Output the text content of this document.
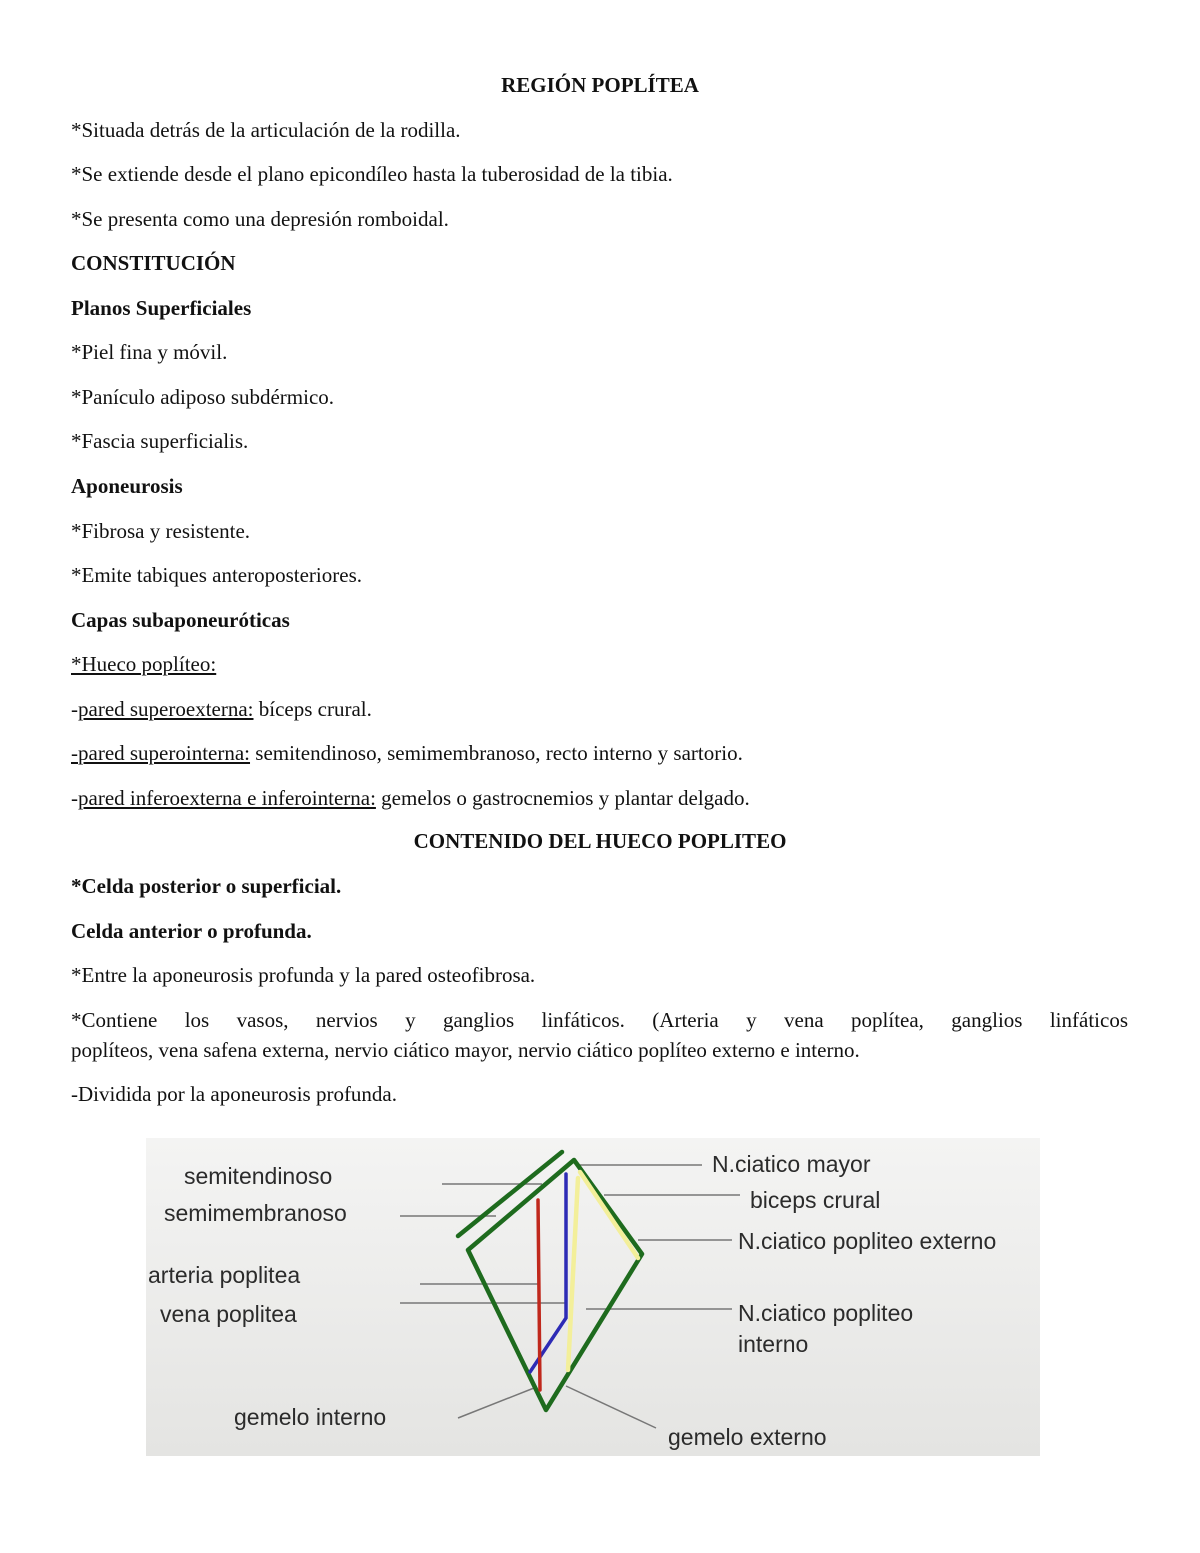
REGIÓN POPLÍTEA
*Situada detrás de la articulación de la rodilla.
*Se extiende desde el plano epicondíleo hasta la tuberosidad de la tibia.
*Se presenta como una depresión romboidal.
CONSTITUCIÓN
Planos Superficiales
*Piel fina y móvil.
*Panículo adiposo subdérmico.
*Fascia superficialis.
Aponeurosis
*Fibrosa y resistente.
*Emite tabiques anteroposteriores.
Capas subaponeuróticas
*Hueco poplíteo:
-pared superoexterna: bíceps crural.
-pared superointerna: semitendinoso, semimembranoso, recto interno y sartorio.
-pared inferoexterna e inferointerna: gemelos o gastrocnemios y plantar delgado.
CONTENIDO DEL HUECO POPLITEO
*Celda posterior o superficial.
Celda anterior o profunda.
*Entre la aponeurosis profunda y la pared osteofibrosa.
*Contiene los vasos, nervios y ganglios linfáticos. (Arteria y vena poplítea, ganglios linfáticos
poplíteos, vena safena externa, nervio ciático mayor, nervio ciático poplíteo externo e interno.
-Dividida por la aponeurosis profunda.
semitendinoso
semimembranoso
arteria poplitea
vena poplitea
gemelo interno
N.ciatico mayor
biceps crural
N.ciatico popliteo externo
N.ciatico popliteo
interno
gemelo externo
